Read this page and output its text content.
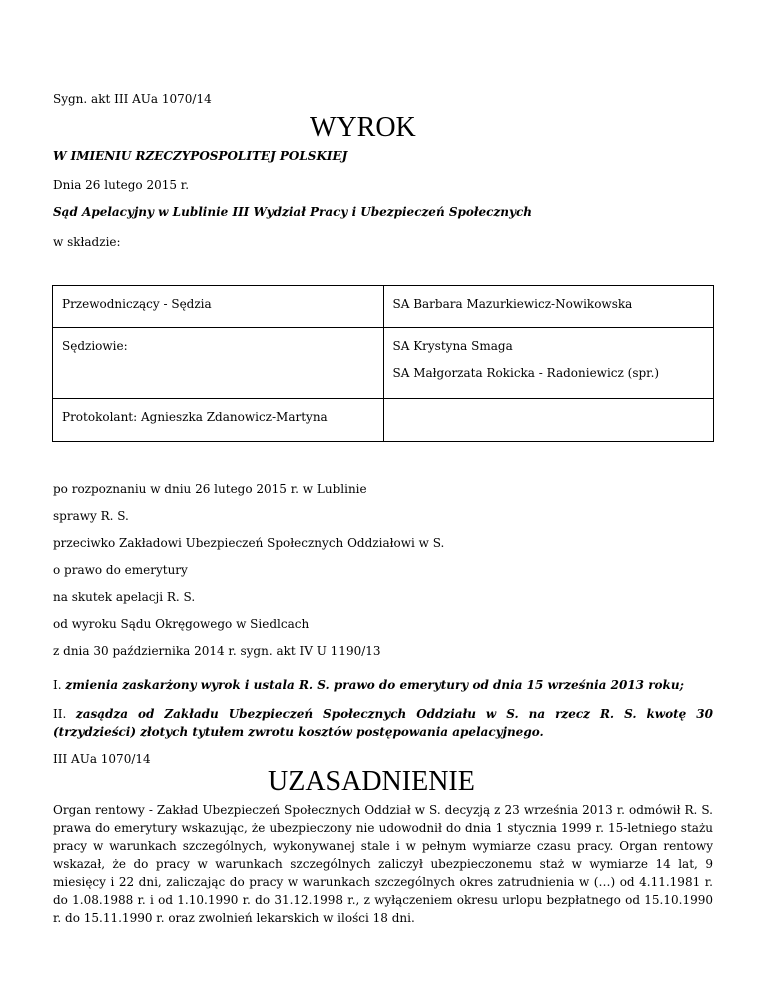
Sygn. akt III AUa 1070/14
WYROK
W IMIENIU RZECZYPOSPOLITEJ POLSKIEJ
Dnia 26 lutego 2015 r.
Sąd Apelacyjny w Lublinie III Wydział Pracy i Ubezpieczeń Społecznych
w składzie:
Przewodniczący - Sędzia	SA Barbara Mazurkiewicz-Nowikowska

Sędziowie:	SA Krystyna Smaga
SA Małgorzata Rokicka - Radoniewicz (spr.)

Protokolant: Agnieszka Zdanowicz-Martyna	

po rozpoznaniu w dniu 26 lutego 2015 r. w Lublinie
sprawy R. S.
przeciwko Zakładowi Ubezpieczeń Społecznych Oddziałowi w S.
o prawo do emerytury
na skutek apelacji R. S.
od wyroku Sądu Okręgowego w Siedlcach
z dnia 30 października 2014 r. sygn. akt IV U 1190/13
I. zmienia zaskarżony wyrok i ustala R. S. prawo do emerytury od dnia 15 września 2013 roku;
II. zasądza od Zakładu Ubezpieczeń Społecznych Oddziału w S. na rzecz R. S. kwotę 30 (trzydzieści) złotych tytułem zwrotu kosztów postępowania apelacyjnego.
III AUa 1070/14
UZASADNIENIE
Organ rentowy - Zakład Ubezpieczeń Społecznych Oddział w S. decyzją z 23 września 2013 r. odmówił R. S. prawa do emerytury wskazując, że ubezpieczony nie udowodnił do dnia 1 stycznia 1999 r. 15-letniego stażu pracy w warunkach szczególnych, wykonywanej stale i w pełnym wymiarze czasu pracy. Organ rentowy wskazał, że do pracy w warunkach szczególnych zaliczył ubezpieczonemu staż w wymiarze 14 lat, 9 miesięcy i 22 dni, zaliczając do pracy w warunkach szczególnych okres zatrudnienia w (…) od 4.11.1981 r. do 1.08.1988 r. i od 1.10.1990 r. do 31.12.1998 r., z wyłączeniem okresu urlopu bezpłatnego od 15.10.1990 r. do 15.11.1990 r. oraz zwolnień lekarskich w ilości 18 dni.
